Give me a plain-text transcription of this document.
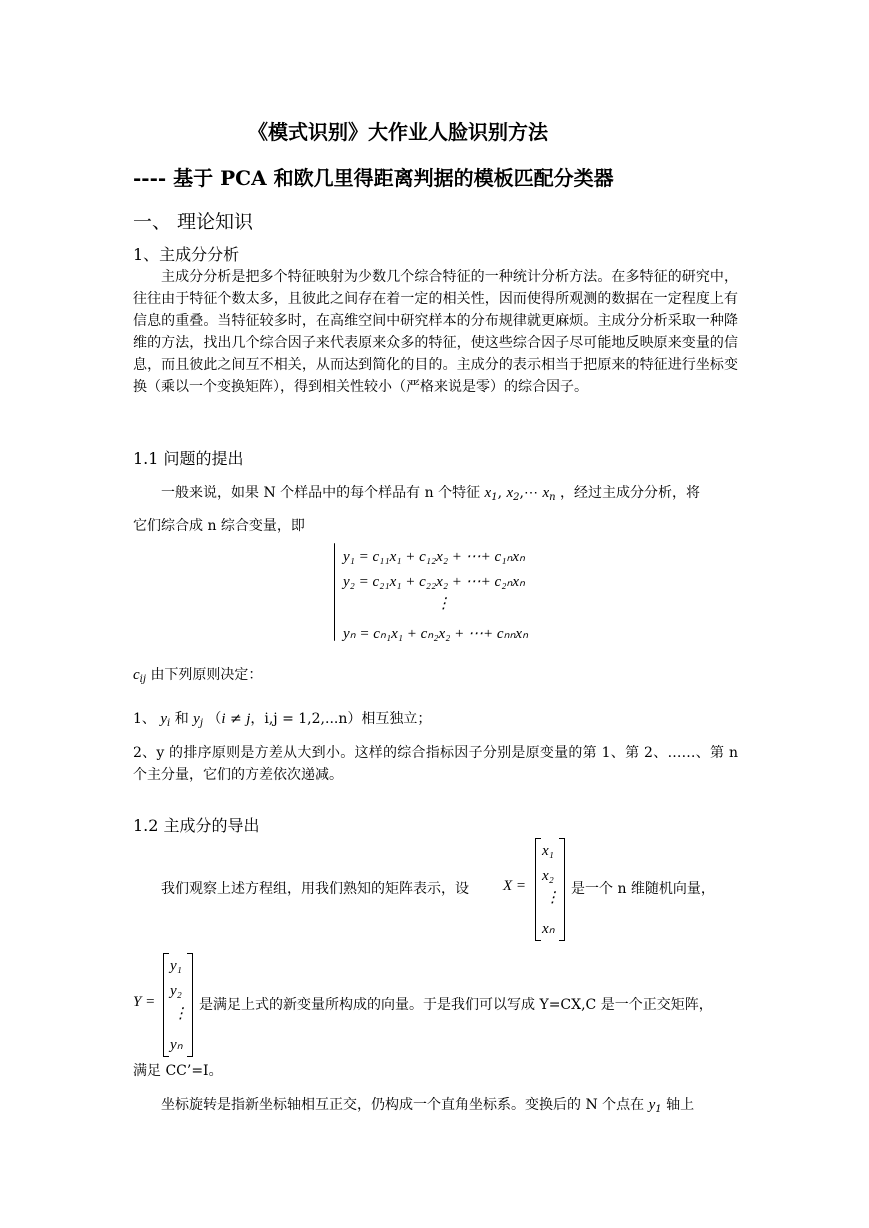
《模式识别》大作业人脸识别方法
---- 基于 PCA 和欧几里得距离判据的模板匹配分类器
一、 理论知识
1、主成分分析
主成分分析是把多个特征映射为少数几个综合特征的一种统计分析方法。在多特征的研究中，往往由于特征个数太多，且彼此之间存在着一定的相关性，因而使得所观测的数据在一定程度上有信息的重叠。当特征较多时，在高维空间中研究样本的分布规律就更麻烦。主成分分析采取一种降维的方法，找出几个综合因子来代表原来众多的特征，使这些综合因子尽可能地反映原来变量的信息，而且彼此之间互不相关，从而达到简化的目的。主成分的表示相当于把原来的特征进行坐标变换（乘以一个变换矩阵），得到相关性较小（严格来说是零）的综合因子。
1.1 问题的提出
一般来说，如果 N 个样品中的每个样品有 n 个特征 $x_1$, $x_2,\cdots$ $x_n$ ，经过主成分分析，将
它们综合成 n 综合变量，即
y₁ = c₁₁x₁ + c₁₂x₂ + ⋯+ c₁ₙxₙ
y₂ = c₂₁x₁ + c₂₂x₂ + ⋯+ c₂ₙxₙ
⋮
yₙ = cₙ₁x₁ + cₙ₂x₂ + ⋯+ cₙₙxₙ
$c_{ij}$ 由下列原则决定：
1、 $y_i$ 和 $y_j$ （i ≠ j，i,j = 1,2,...n）相互独立；
2、y 的排序原则是方差从大到小。这样的综合指标因子分别是原变量的第 1、第 2、……、第 n 个主分量，它们的方差依次递减。
1.2 主成分的导出
我们观察上述方程组，用我们熟知的矩阵表示，设 X =
x₁
x₂
⋮
xₙ
是一个 n 维随机向量，
Y =
y₁
y₂
⋮
yₙ
是满足上式的新变量所构成的向量。于是我们可以写成 Y=CX,C 是一个正交矩阵，
满足 CC’=I。
坐标旋转是指新坐标轴相互正交，仍构成一个直角坐标系。变换后的 N 个点在 $y_1$ 轴上
